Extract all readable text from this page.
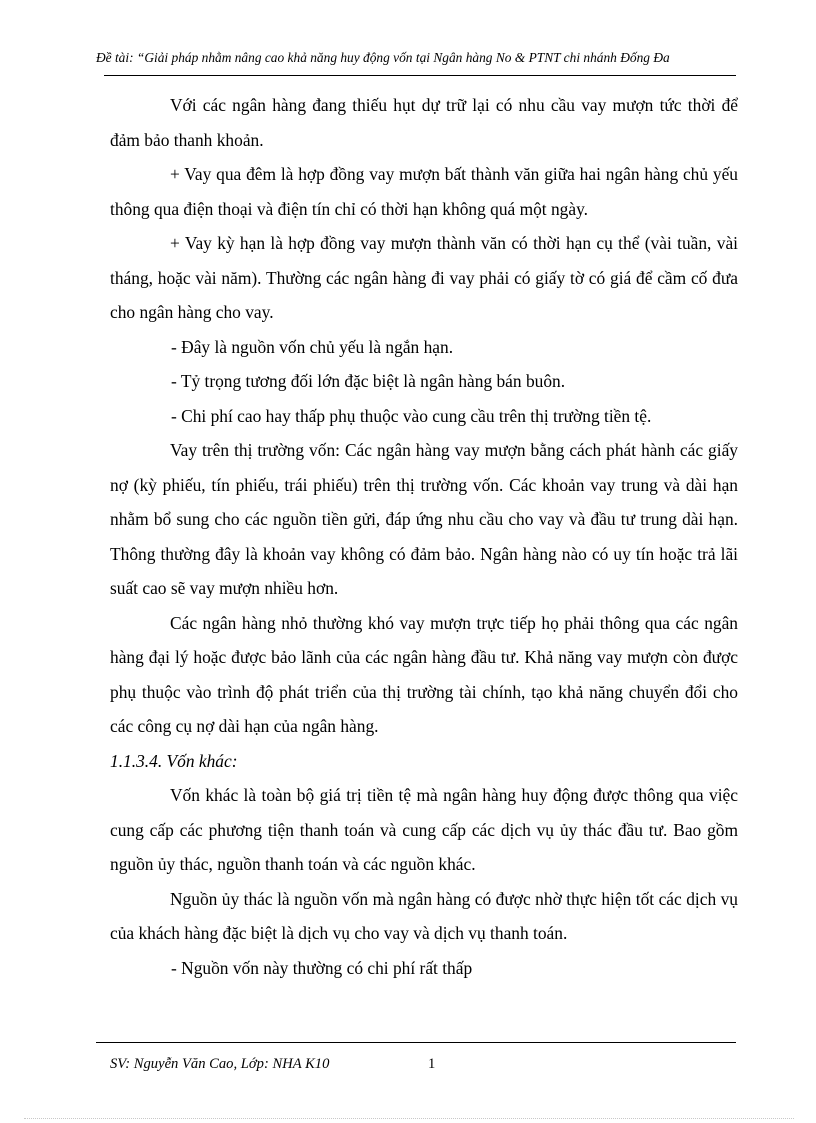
Đề tài: “Giải pháp nhằm nâng cao khả năng huy động vốn tại Ngân hàng No & PTNT chi nhánh Đống Đa

Với các ngân hàng đang thiếu hụt dự trữ lại có nhu cầu vay mượn tức thời để đảm bảo thanh khoản.

+ Vay qua đêm là hợp đồng vay mượn bất thành văn giữa hai ngân hàng chủ yếu thông qua điện thoại và điện tín chỉ có thời hạn không quá một ngày.

+ Vay kỳ hạn là hợp đồng vay mượn thành văn có thời hạn cụ thể (vài tuần, vài tháng, hoặc vài năm). Thường các ngân hàng đi vay phải có giấy tờ có giá để cầm cố đưa cho ngân hàng cho vay.

- Đây là nguồn vốn chủ yếu là ngắn hạn.

- Tỷ trọng tương đối lớn đặc biệt là ngân hàng bán buôn.

- Chi phí cao hay thấp phụ thuộc vào cung cầu trên thị trường tiền tệ.

Vay trên thị trường vốn: Các ngân hàng vay mượn bằng cách phát hành các giấy nợ (kỳ phiếu, tín phiếu, trái phiếu) trên thị trường vốn. Các khoản vay trung và dài hạn nhằm bổ sung cho các nguồn tiền gửi, đáp ứng nhu cầu cho vay và đầu tư trung dài hạn. Thông thường đây là khoản vay không có đảm bảo. Ngân hàng nào có uy tín hoặc trả lãi suất cao sẽ vay mượn nhiều hơn.

Các ngân hàng nhỏ thường khó vay mượn trực tiếp họ phải thông qua các ngân hàng đại lý hoặc được bảo lãnh của các ngân hàng đầu tư. Khả năng vay mượn còn được phụ thuộc vào trình độ phát triển của thị trường tài chính, tạo khả năng chuyển đổi cho các công cụ nợ dài hạn của ngân hàng.

1.1.3.4. Vốn khác:

Vốn khác là toàn bộ giá trị tiền tệ mà ngân hàng huy động được thông qua việc cung cấp các phương tiện thanh toán và cung cấp các dịch vụ ủy thác đầu tư. Bao gồm nguồn ủy thác, nguồn thanh toán và các nguồn khác.

Nguồn ủy thác là nguồn vốn mà ngân hàng có được nhờ thực hiện tốt các dịch vụ của khách hàng đặc biệt là dịch vụ cho vay và dịch vụ thanh toán.

- Nguồn vốn này thường có chi phí rất thấp

SV: Nguyễn Văn Cao, Lớp: NHA K10	1
